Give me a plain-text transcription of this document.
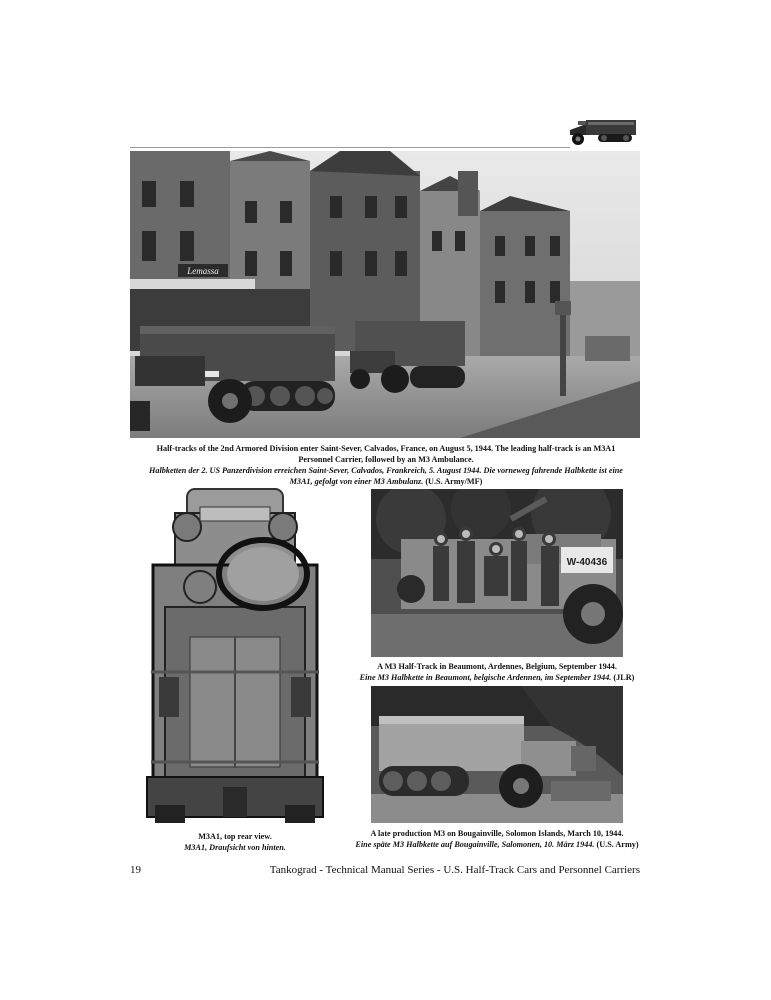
Lemassa
Half-tracks of the 2nd Armored Division enter Saint-Sever, Calvados, France, on August 5, 1944. The leading half-track is an M3A1 Personnel Carrier, followed by an M3 Ambulance.
Halbketten der 2. US Panzerdivision erreichen Saint-Sever, Calvados, Frankreich, 5. August 1944. Die vorneweg fahrende Halbkette ist eine M3A1, gefolgt von einer M3 Ambulanz. (U.S. Army/MF)
M3A1, top rear view.
M3A1, Draufsicht von hinten.
W-40436
A M3 Half-Track in Beaumont, Ardennes, Belgium, September 1944.
Eine M3 Halbkette in Beaumont, belgische Ardennen, im September 1944. (JLR)
A late production M3 on Bougainville, Solomon Islands, March 10, 1944.
Eine späte M3 Halbkette auf Bougainville, Salomonen, 10. März 1944. (U.S. Army)
19	Tankograd - Technical Manual Series - U.S. Half-Track Cars and Personnel Carriers
